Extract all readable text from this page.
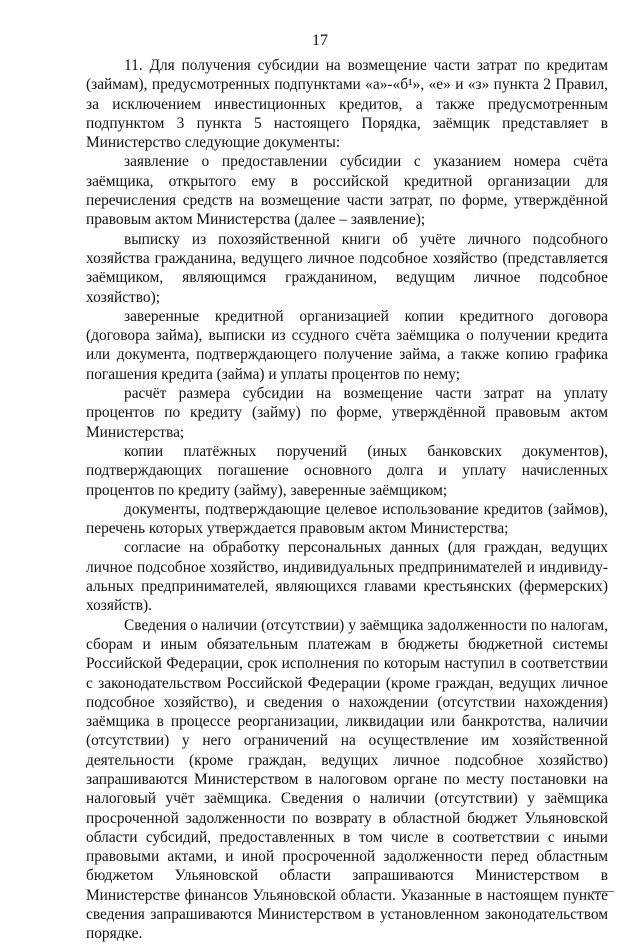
17

11. Для получения субсидии на возмещение части затрат по кредитам (займам), предусмотренных подпунктами «а»-«б¹», «е» и «з» пункта 2 Правил, за исключением инвестиционных кредитов, а также предусмотренным подпунктом 3 пункта 5 настоящего Порядка, заёмщик представляет в Министерство следующие документы:

заявление о предоставлении субсидии с указанием номера счёта заёмщика, открытого ему в российской кредитной организации для перечисления средств на возмещение части затрат, по форме, утверждённой правовым актом Министерства (далее – заявление);

выписку из похозяйственной книги об учёте личного подсобного хозяйства гражданина, ведущего личное подсобное хозяйство (представляется заёмщиком, являющимся гражданином, ведущим личное подсобное хозяйство);

заверенные кредитной организацией копии кредитного договора (договора займа), выписки из ссудного счёта заёмщика о получении кредита или документа, подтверждающего получение займа, а также копию графика погашения кредита (займа) и уплаты процентов по нему;

расчёт размера субсидии на возмещение части затрат на уплату процентов по кредиту (займу) по форме, утверждённой правовым актом Министерства;

копии платёжных поручений (иных банковских документов), подтверждающих погашение основного долга и уплату начисленных процентов по кредиту (займу), заверенные заёмщиком;

документы, подтверждающие целевое использование кредитов (займов), перечень которых утверждается правовым актом Министерства;

согласие на обработку персональных данных (для граждан, ведущих личное подсобное хозяйство, индивидуальных предпринимателей и индивиду-альных предпринимателей, являющихся главами крестьянских (фермерских) хозяйств).

Сведения о наличии (отсутствии) у заёмщика задолженности по налогам, сборам и иным обязательным платежам в бюджеты бюджетной системы Российской Федерации, срок исполнения по которым наступил в соответствии с законодательством Российской Федерации (кроме граждан, ведущих личное подсобное хозяйство), и сведения о нахождении (отсутствии нахождения) заёмщика в процессе реорганизации, ликвидации или банкротства, наличии (отсутствии) у него ограничений на осуществление им хозяйственной деятельности (кроме граждан, ведущих личное подсобное хозяйство) запрашиваются Министерством в налоговом органе по месту постановки на налоговый учёт заёмщика. Сведения о наличии (отсутствии) у заёмщика просроченной задолженности по возврату в областной бюджет Ульяновской области субсидий, предоставленных в том числе в соответствии с иными правовыми актами, и иной просроченной задолженности перед областным бюджетом Ульяновской области запрашиваются Министерством в Министерстве финансов Ульяновской области. Указанные в настоящем пункте сведения запрашиваются Министерством в установленном законодательством порядке.
